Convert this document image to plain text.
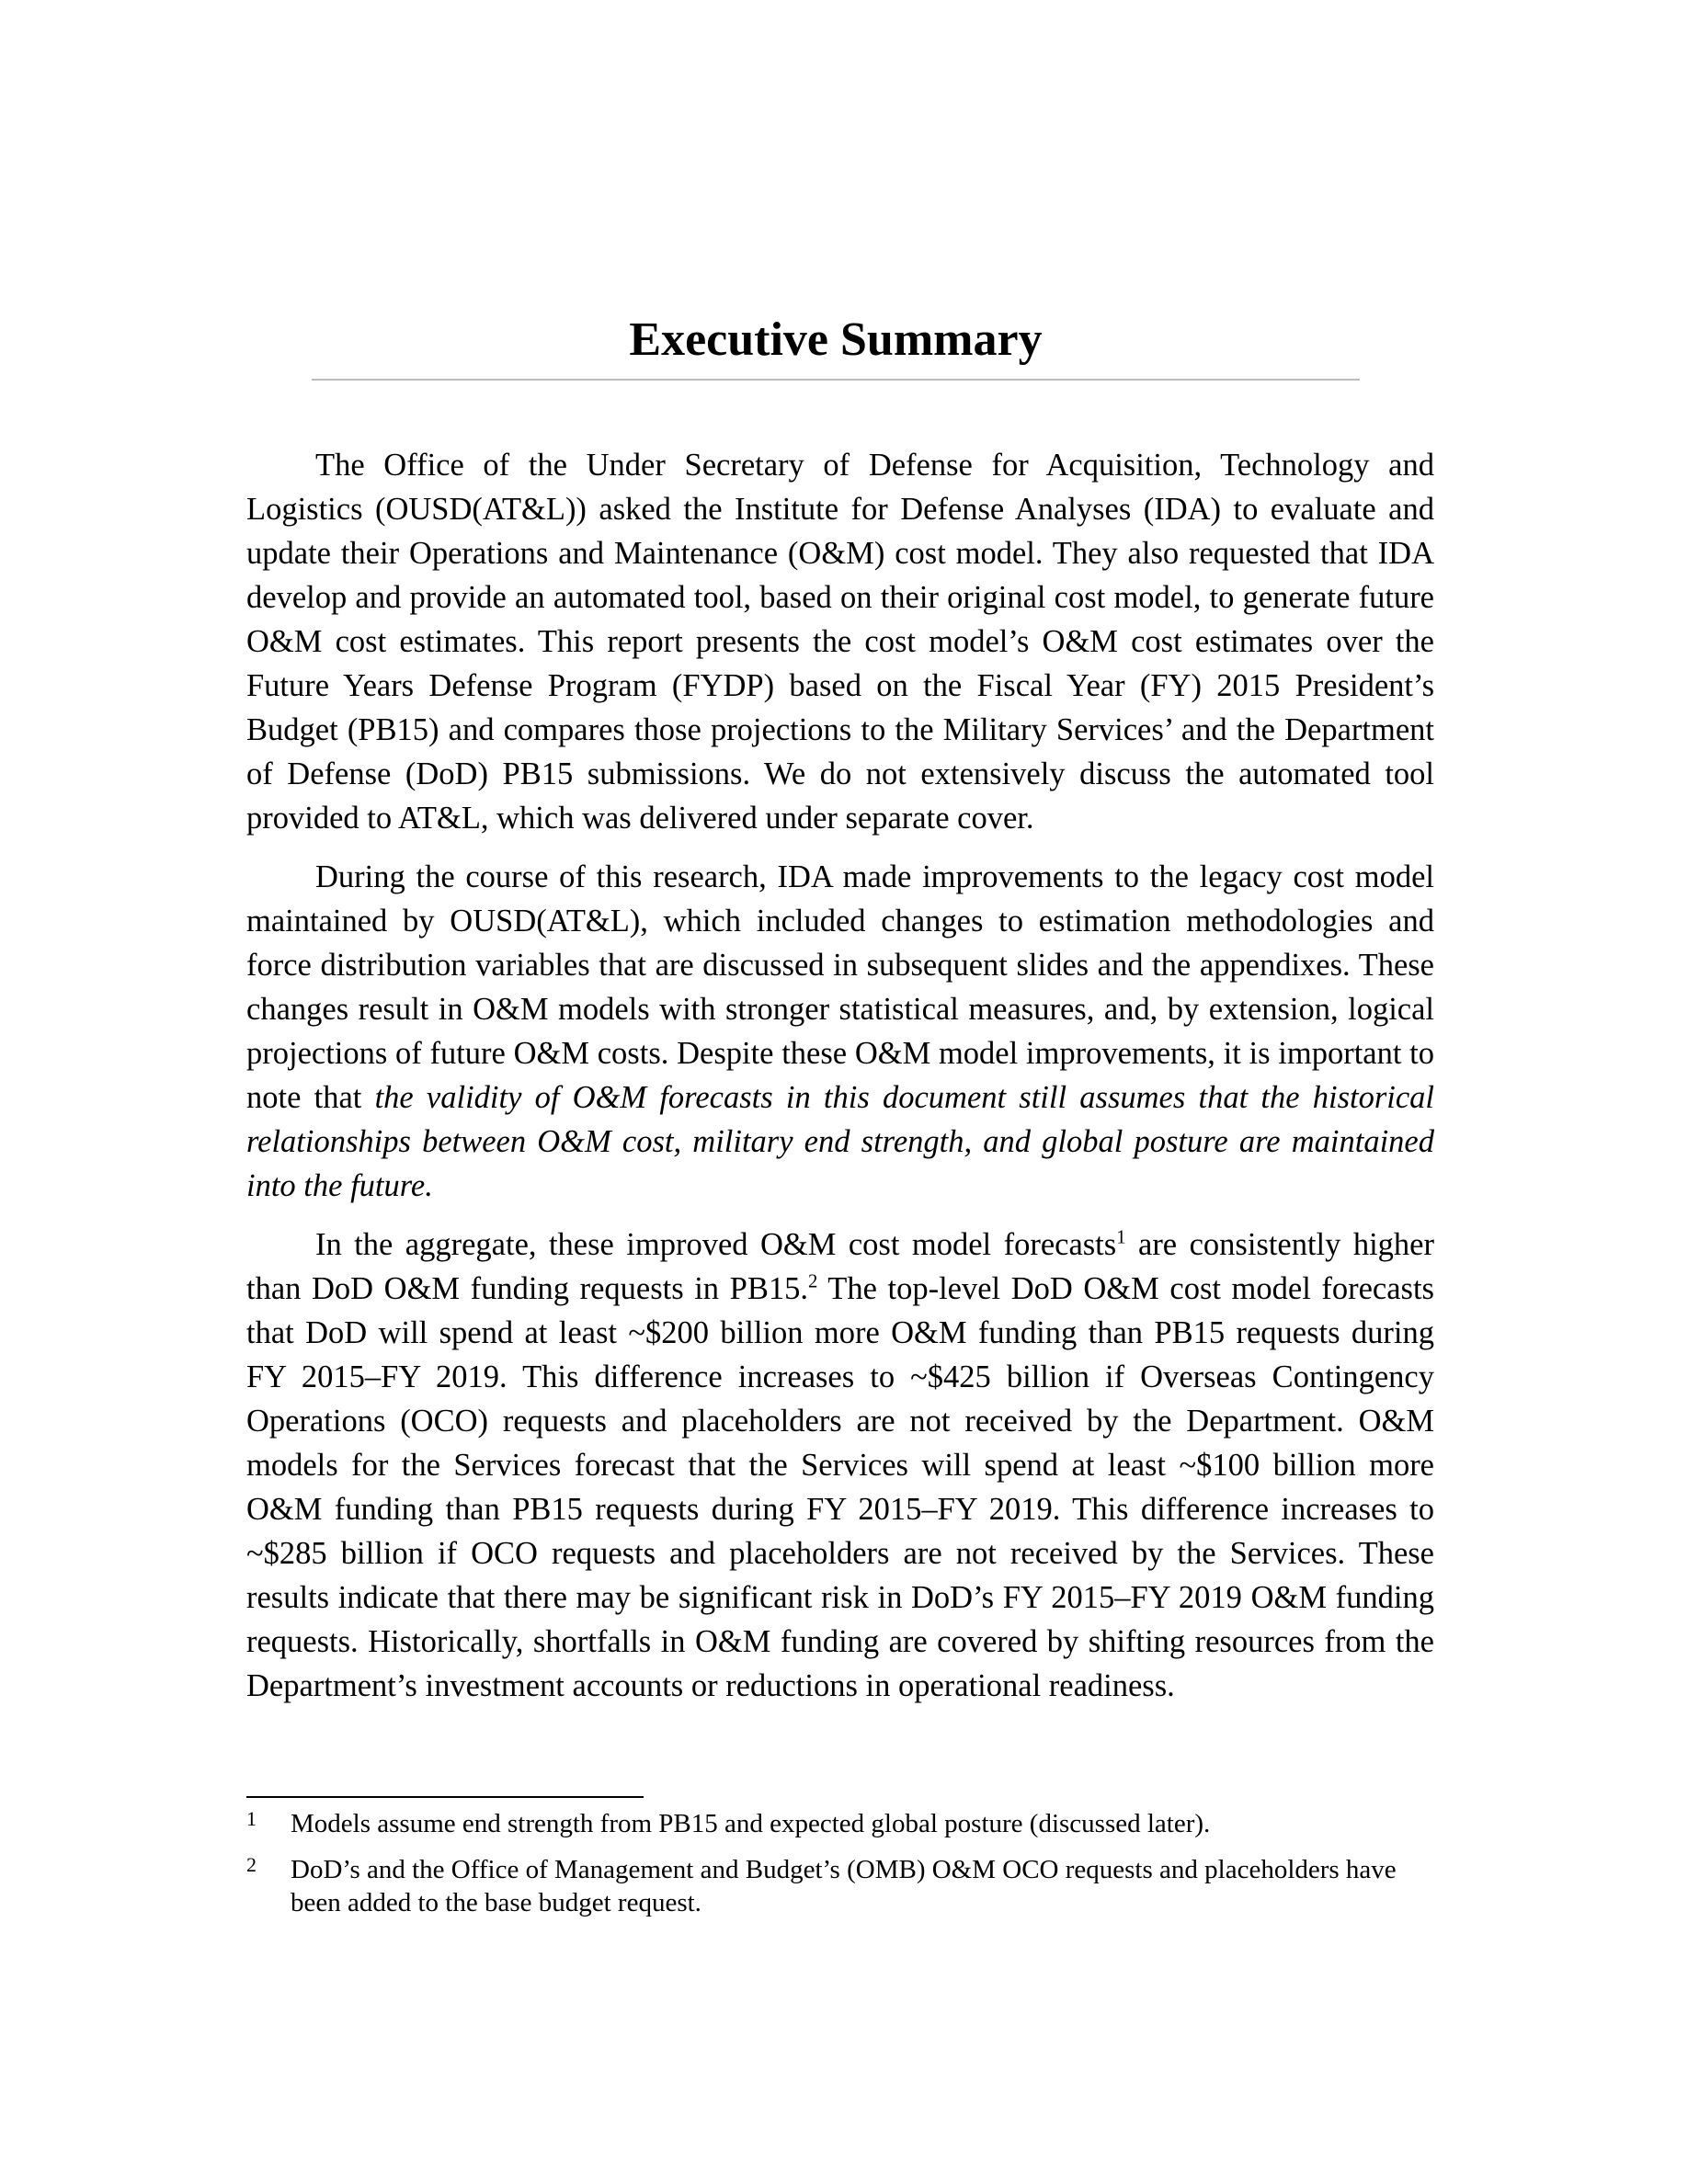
Executive Summary

The Office of the Under Secretary of Defense for Acquisition, Technology and Logistics (OUSD(AT&L)) asked the Institute for Defense Analyses (IDA) to evaluate and update their Operations and Maintenance (O&M) cost model. They also requested that IDA develop and provide an automated tool, based on their original cost model, to generate future O&M cost estimates. This report presents the cost model’s O&M cost estimates over the Future Years Defense Program (FYDP) based on the Fiscal Year (FY) 2015 President’s Budget (PB15) and compares those projections to the Military Services’ and the Department of Defense (DoD) PB15 submissions. We do not extensively discuss the automated tool provided to AT&L, which was delivered under separate cover.

During the course of this research, IDA made improvements to the legacy cost model maintained by OUSD(AT&L), which included changes to estimation methodologies and force distribution variables that are discussed in subsequent slides and the appendixes. These changes result in O&M models with stronger statistical measures, and, by extension, logical projections of future O&M costs. Despite these O&M model improvements, it is important to note that the validity of O&M forecasts in this document still assumes that the historical relationships between O&M cost, military end strength, and global posture are maintained into the future.

In the aggregate, these improved O&M cost model forecasts$^1$ are consistently higher than DoD O&M funding requests in PB15.$^2$ The top-level DoD O&M cost model forecasts that DoD will spend at least ~$200 billion more O&M funding than PB15 requests during FY 2015–FY 2019. This difference increases to ~$425 billion if Overseas Contingency Operations (OCO) requests and placeholders are not received by the Department. O&M models for the Services forecast that the Services will spend at least ~$100 billion more O&M funding than PB15 requests during FY 2015–FY 2019. This difference increases to ~$285 billion if OCO requests and placeholders are not received by the Services. These results indicate that there may be significant risk in DoD’s FY 2015–FY 2019 O&M funding requests. Historically, shortfalls in O&M funding are covered by shifting resources from the Department’s investment accounts or reductions in operational readiness.

1	Models assume end strength from PB15 and expected global posture (discussed later).
2	DoD’s and the Office of Management and Budget’s (OMB) O&M OCO requests and placeholders have been added to the base budget request.
